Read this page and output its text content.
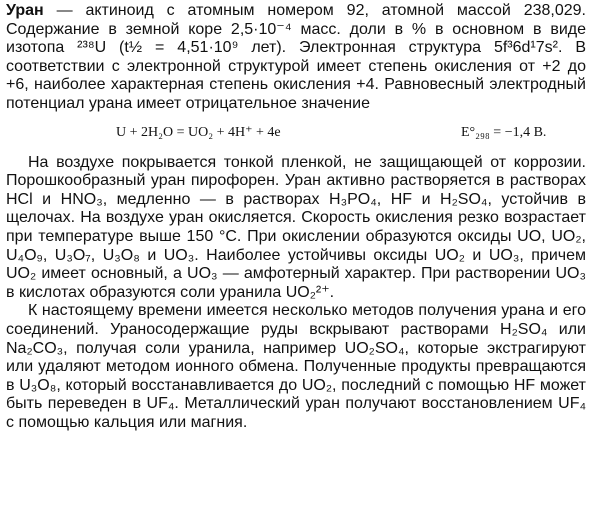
Уран — актиноид с атомным номером 92, атомной массой 238,029. Содержание в земной коре 2,5·10⁻⁴ масс. доли в % в основном в виде изотопа ²³⁸U (t½ = 4,51·10⁹ лет). Электронная структура 5f³6d¹7s². В соответствии с электронной структурой имеет степень окисления от +2 до +6, наиболее характерная степень окисления +4. Равновесный электродный потенциал урана имеет отрицательное значение

U + 2H₂O = UO₂ + 4H⁺ + 4e	E°₂₉₈ = −1,4 В.

На воздухе покрывается тонкой пленкой, не защищающей от коррозии. Порошкообразный уран пирофорен. Уран активно растворяется в растворах HCl и HNO₃, медленно — в растворах H₃PO₄, HF и H₂SO₄, устойчив в щелочах. На воздухе уран окисляется. Скорость окисления резко возрастает при температуре выше 150 °C. При окислении образуются оксиды UO, UO₂, U₄O₉, U₃O₇, U₃O₈ и UO₃. Наиболее устойчивы оксиды UO₂ и UO₃, причем UO₂ имеет основный, а UO₃ — амфотерный характер. При растворении UO₃ в кислотах образуются соли уранила UO₂²⁺.

К настоящему времени имеется несколько методов получения урана и его соединений. Ураносодержащие руды вскрывают растворами H₂SO₄ или Na₂CO₃, получая соли уранила, например UO₂SO₄, которые экстрагируют или удаляют методом ионного обмена. Полученные продукты превращаются в U₃O₈, который восстанавливается до UO₂, последний с помощью HF может быть переведен в UF₄. Металлический уран получают восстановлением UF₄ с помощью кальция или магния.
